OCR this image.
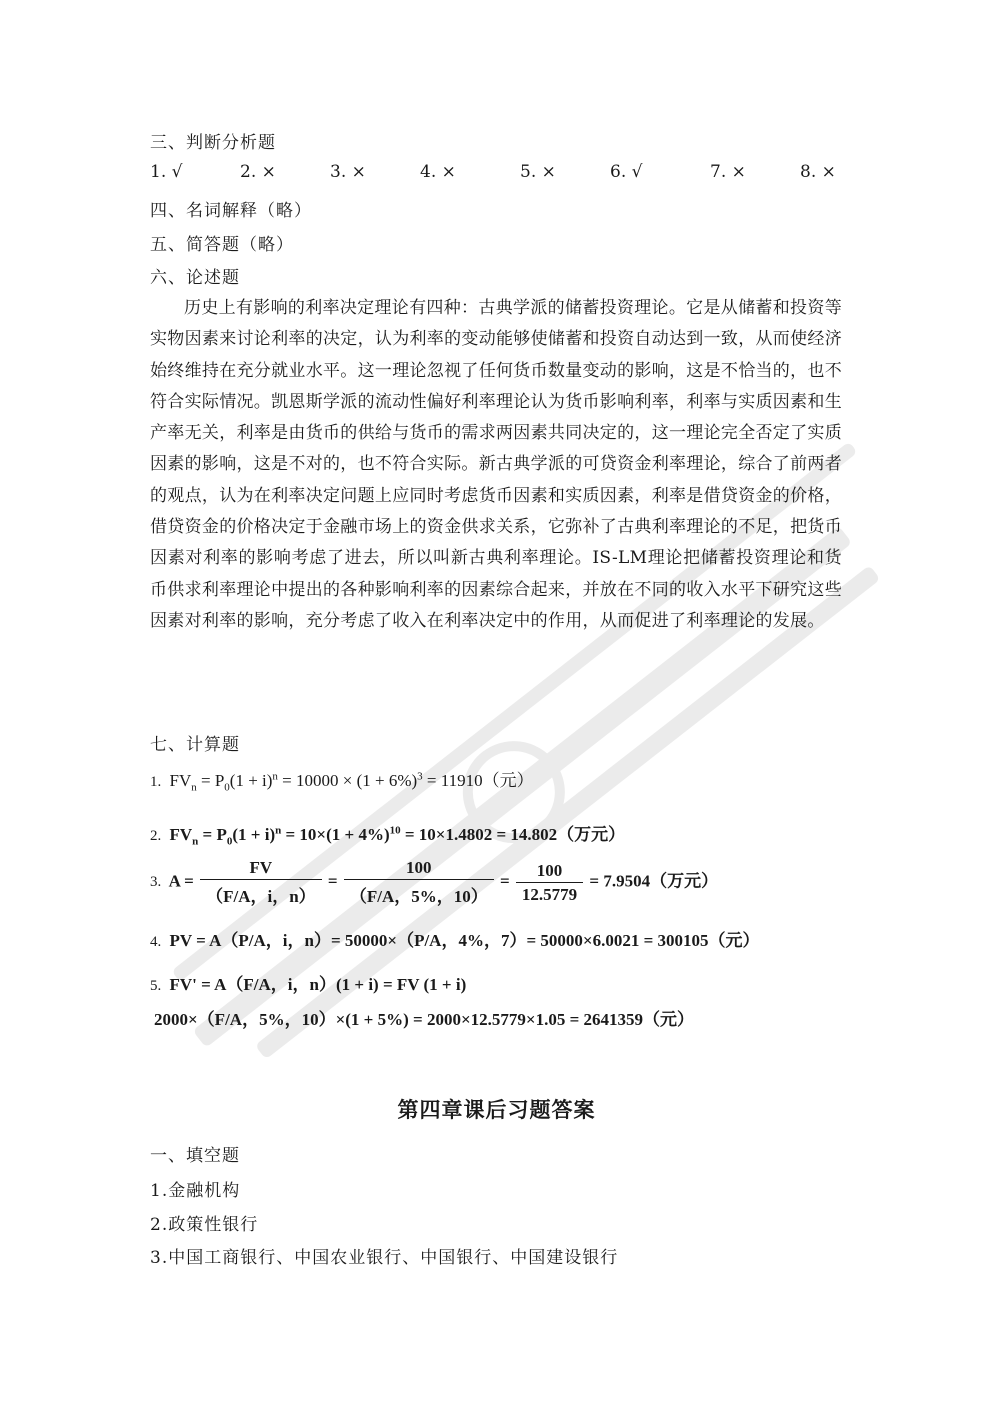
三、判断分析题
1. √	2. ×	3. ×	4. ×	5. ×	6. √	7. ×	8. ×
四、名词解释（略）
五、简答题（略）
六、论述题

历史上有影响的利率决定理论有四种：古典学派的储蓄投资理论。它是从储蓄和投资等实物因素来讨论利率的决定，认为利率的变动能够使储蓄和投资自动达到一致，从而使经济始终维持在充分就业水平。这一理论忽视了任何货币数量变动的影响，这是不恰当的，也不符合实际情况。凯恩斯学派的流动性偏好利率理论认为货币影响利率，利率与实质因素和生产率无关，利率是由货币的供给与货币的需求两因素共同决定的，这一理论完全否定了实质因素的影响，这是不对的，也不符合实际。新古典学派的可贷资金利率理论，综合了前两者的观点，认为在利率决定问题上应同时考虑货币因素和实质因素，利率是借贷资金的价格，借贷资金的价格决定于金融市场上的资金供求关系，它弥补了古典利率理论的不足，把货币因素对利率的影响考虑了进去，所以叫新古典利率理论。IS-LM理论把储蓄投资理论和货币供求利率理论中提出的各种影响利率的因素综合起来，并放在不同的收入水平下研究这些因素对利率的影响，充分考虑了收入在利率决定中的作用，从而促进了利率理论的发展。

七、计算题
1. $FV_n = P_0(1 + i)^n = 10000 \times (1 + 6\%)^3 = 11910$（元）
2. $FV_n = P_0(1 + i)^n = 10\times(1 + 4\%)^{10} = 10\times 1.4802 = 14.802$（万元）
3. $A = \frac{FV}{(F/A,i,n)} = \frac{100}{(F/A,5\%,10)} = \frac{100}{12.5779} = 7.9504$（万元）
4. PV = A（P/A，i，n）= 50000×（P/A，4%，7）= 50000×6.0021 = 300105（元）
5. FV' = A（F/A，i，n）(1 + i) = FV (1 + i)
2000×（F/A，5%，10）×(1 + 5%) = 2000×12.5779×1.05 = 2641359（元）
第四章课后习题答案
一、填空题
1.金融机构
2.政策性银行
3.中国工商银行、中国农业银行、中国银行、中国建设银行
